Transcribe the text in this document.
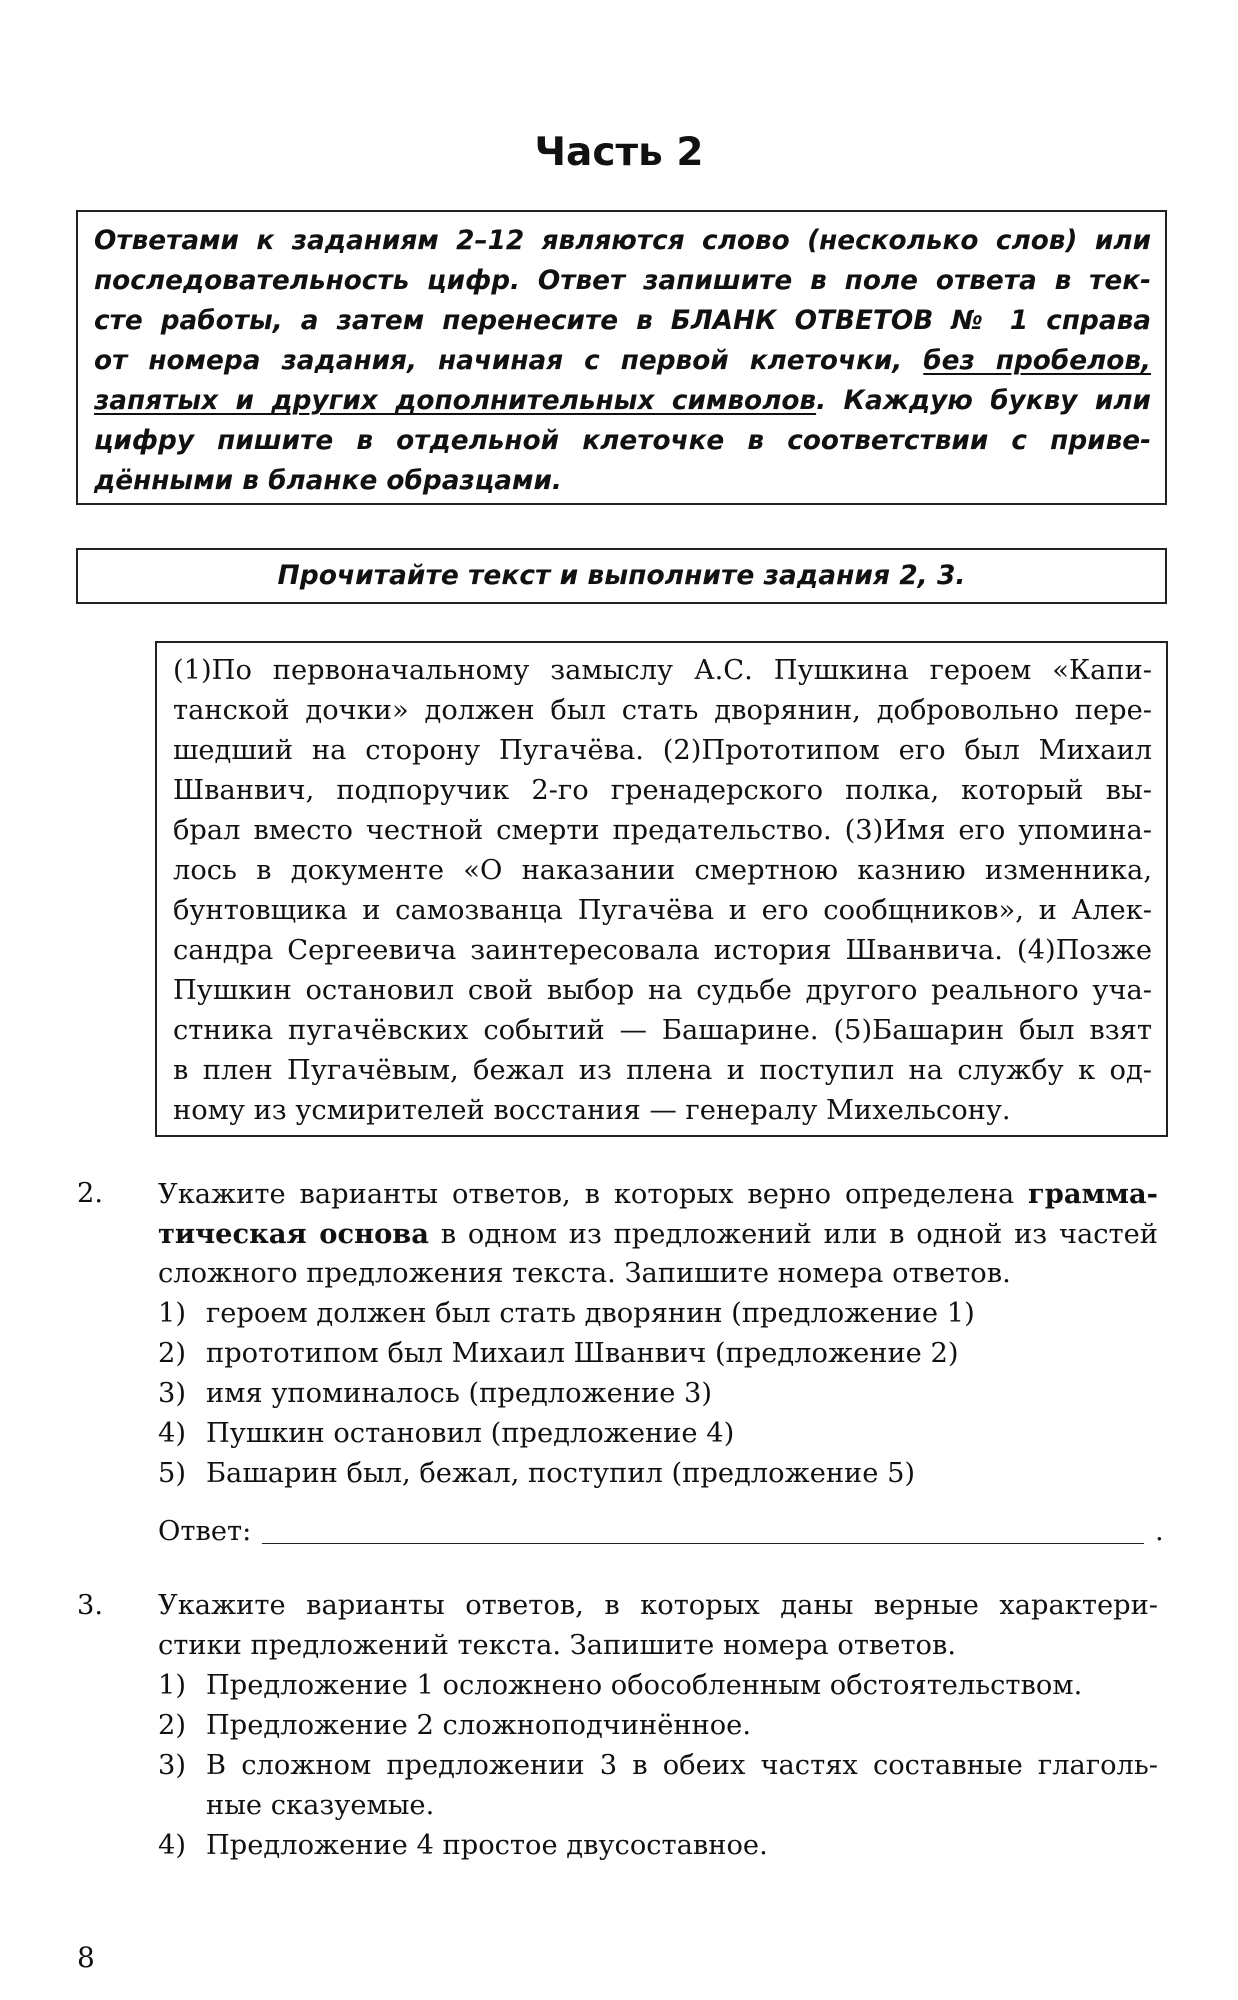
Часть 2
Ответами к заданиям 2–12 являются слово (несколько слов) или
последовательность цифр. Ответ запишите в поле ответа в тек-
сте работы, а затем перенесите в БЛАНК ОТВЕТОВ № 1 справа
от номера задания, начиная с первой клеточки, без пробелов,
запятых и других дополнительных символов. Каждую букву или
цифру пишите в отдельной клеточке в соответствии с приве-
дёнными в бланке образцами.
Прочитайте текст и выполните задания 2, 3.
(1)По первоначальному замыслу А.С. Пушкина героем «Капи-
танской дочки» должен был стать дворянин, добровольно пере-
шедший на сторону Пугачёва. (2)Прототипом его был Михаил
Шванвич, подпоручик 2-го гренадерского полка, который вы-
брал вместо честной смерти предательство. (3)Имя его упомина-
лось в документе «О наказании смертною казнию изменника,
бунтовщика и самозванца Пугачёва и его сообщников», и Алек-
сандра Сергеевича заинтересовала история Шванвича. (4)Позже
Пушкин остановил свой выбор на судьбе другого реального уча-
стника пугачёвских событий — Башарине. (5)Башарин был взят
в плен Пугачёвым, бежал из плена и поступил на службу к од-
ному из усмирителей восстания — генералу Михельсону.
2. Укажите варианты ответов, в которых верно определена грамма-
тическая основа в одном из предложений или в одной из частей
сложного предложения текста. Запишите номера ответов.
1) героем должен был стать дворянин (предложение 1)
2) прототипом был Михаил Шванвич (предложение 2)
3) имя упоминалось (предложение 3)
4) Пушкин остановил (предложение 4)
5) Башарин был, бежал, поступил (предложение 5)
Ответ:	.
3. Укажите варианты ответов, в которых даны верные характери-
стики предложений текста. Запишите номера ответов.
1) Предложение 1 осложнено обособленным обстоятельством.
2) Предложение 2 сложноподчинённое.
3) В сложном предложении 3 в обеих частях составные глаголь-
ные сказуемые.
4) Предложение 4 простое двусоставное.
8
